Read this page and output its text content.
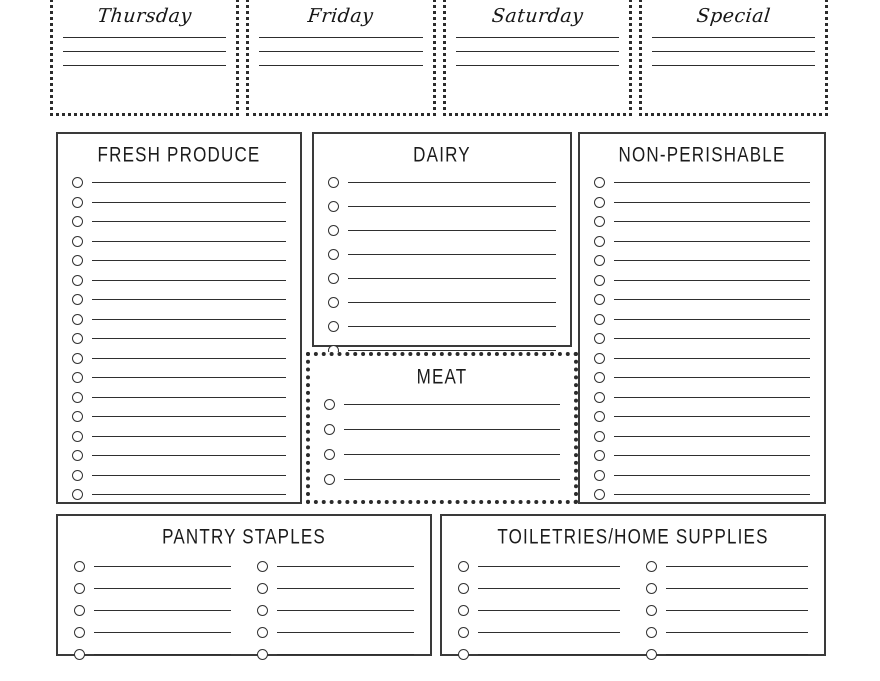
Thursday	Friday	Saturday	Special
FRESH PRODUCE	DAIRY
MEAT
NON-PERISHABLE
PANTRY STAPLES	TOILETRIES/HOME SUPPLIES
